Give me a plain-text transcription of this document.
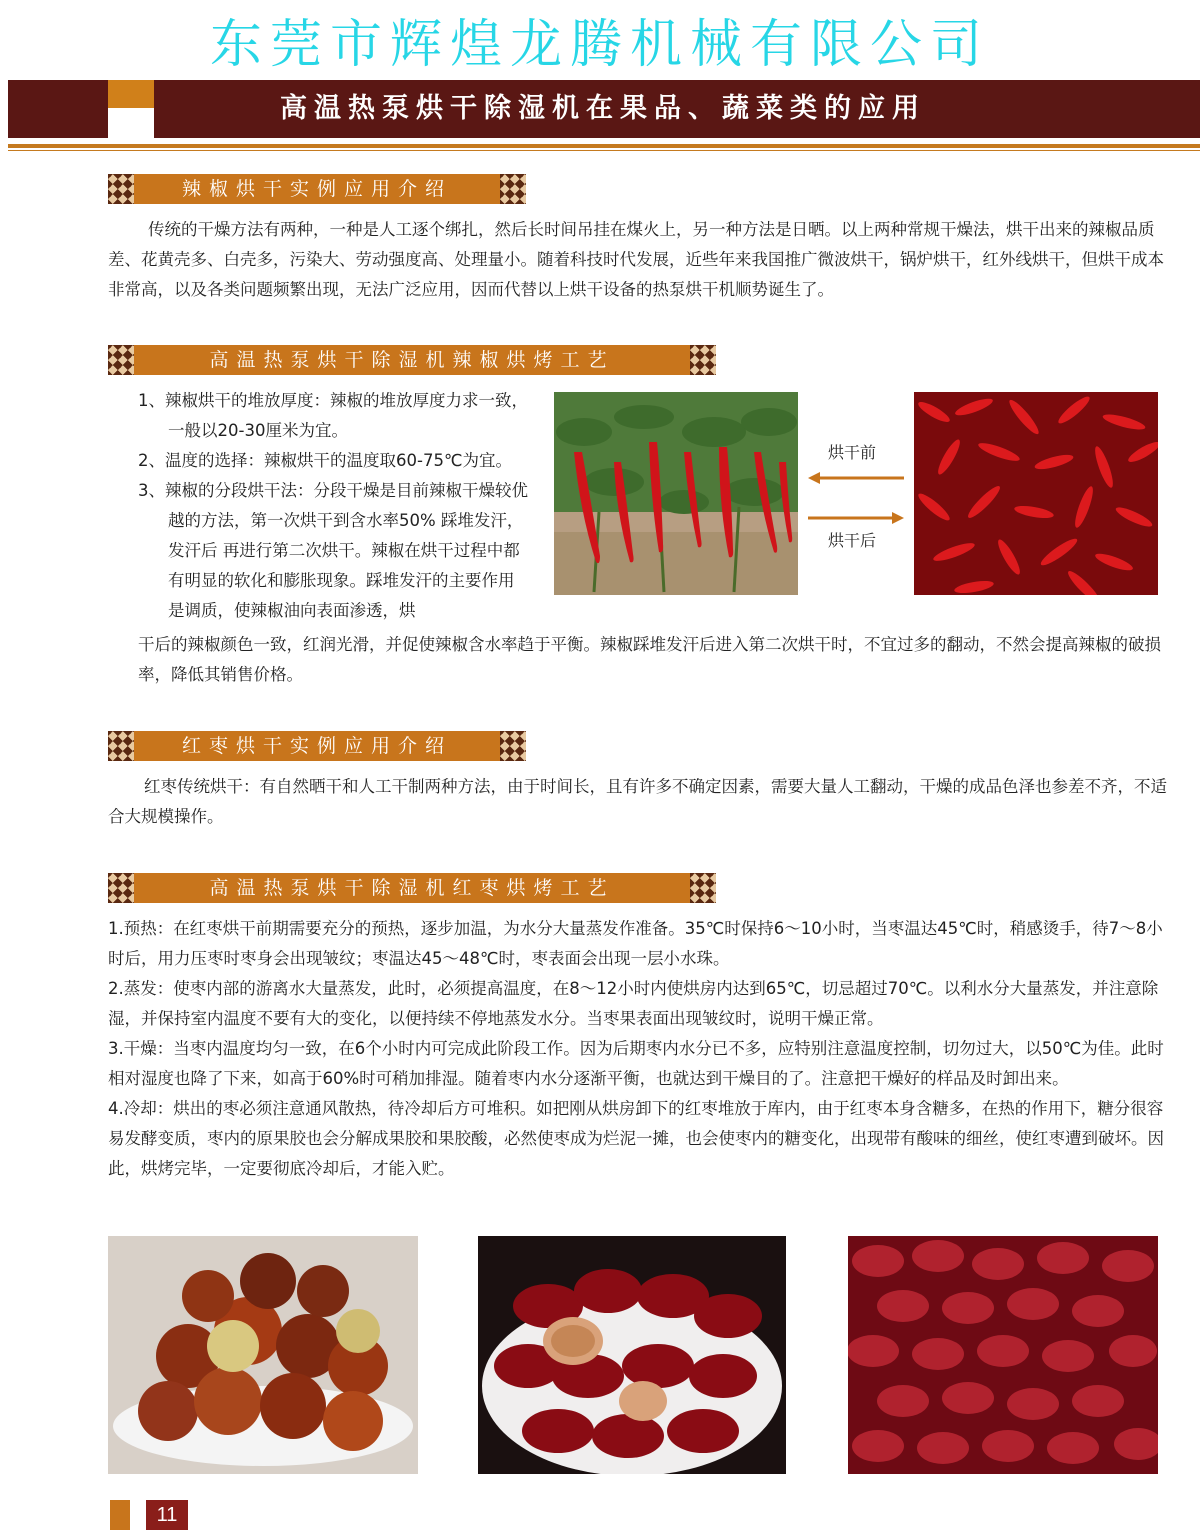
东莞市辉煌龙腾机械有限公司
高温热泵烘干除湿机在果品、蔬菜类的应用
辣椒烘干实例应用介绍
传统的干燥方法有两种，一种是人工逐个绑扎，然后长时间吊挂在煤火上，另一种方法是日晒。以上两种常规干燥法，烘干出来的辣椒品质差、花黄壳多、白壳多，污染大、劳动强度高、处理量小。随着科技时代发展，近些年来我国推广微波烘干，锅炉烘干，红外线烘干，但烘干成本非常高，以及各类问题频繁出现，无法广泛应用，因而代替以上烘干设备的热泵烘干机顺势诞生了。
高温热泵烘干除湿机辣椒烘烤工艺
1、辣椒烘干的堆放厚度：辣椒的堆放厚度力求一致，一般以20-30厘米为宜。
2、温度的选择：辣椒烘干的温度取60-75℃为宜。
3、辣椒的分段烘干法：分段干燥是目前辣椒干燥较优越的方法，第一次烘干到含水率50% 踩堆发汗，发汗后 再进行第二次烘干。辣椒在烘干过程中都有明显的软化和膨胀现象。踩堆发汗的主要作用是调质，使辣椒油向表面渗透，烘
干后的辣椒颜色一致，红润光滑，并促使辣椒含水率趋于平衡。辣椒踩堆发汗后进入第二次烘干时，不宜过多的翻动，不然会提高辣椒的破损率，降低其销售价格。
烘干前
烘干后
红枣烘干实例应用介绍
红枣传统烘干：有自然晒干和人工干制两种方法，由于时间长，且有许多不确定因素，需要大量人工翻动，干燥的成品色泽也参差不齐，不适合大规模操作。
高温热泵烘干除湿机红枣烘烤工艺
1.预热：在红枣烘干前期需要充分的预热，逐步加温，为水分大量蒸发作准备。35℃时保持6～10小时，当枣温达45℃时，稍感烫手，待7～8小时后，用力压枣时枣身会出现皱纹；枣温达45～48℃时，枣表面会出现一层小水珠。
2.蒸发：使枣内部的游离水大量蒸发，此时，必须提高温度，在8～12小时内使烘房内达到65℃，切忌超过70℃。以利水分大量蒸发，并注意除湿，并保持室内温度不要有大的变化，以便持续不停地蒸发水分。当枣果表面出现皱纹时，说明干燥正常。
3.干燥：当枣内温度均匀一致，在6个小时内可完成此阶段工作。因为后期枣内水分已不多，应特别注意温度控制，切勿过大，以50℃为佳。此时相对湿度也降了下来，如高于60%时可稍加排湿。随着枣内水分逐渐平衡，也就达到干燥目的了。注意把干燥好的样品及时卸出来。
4.冷却：烘出的枣必须注意通风散热，待冷却后方可堆积。如把刚从烘房卸下的红枣堆放于库内，由于红枣本身含糖多，在热的作用下，糖分很容易发酵变质，枣内的原果胶也会分解成果胶和果胶酸，必然使枣成为烂泥一摊，也会使枣内的糖变化，出现带有酸味的细丝，使红枣遭到破坏。因此，烘烤完毕，一定要彻底冷却后，才能入贮。
11
